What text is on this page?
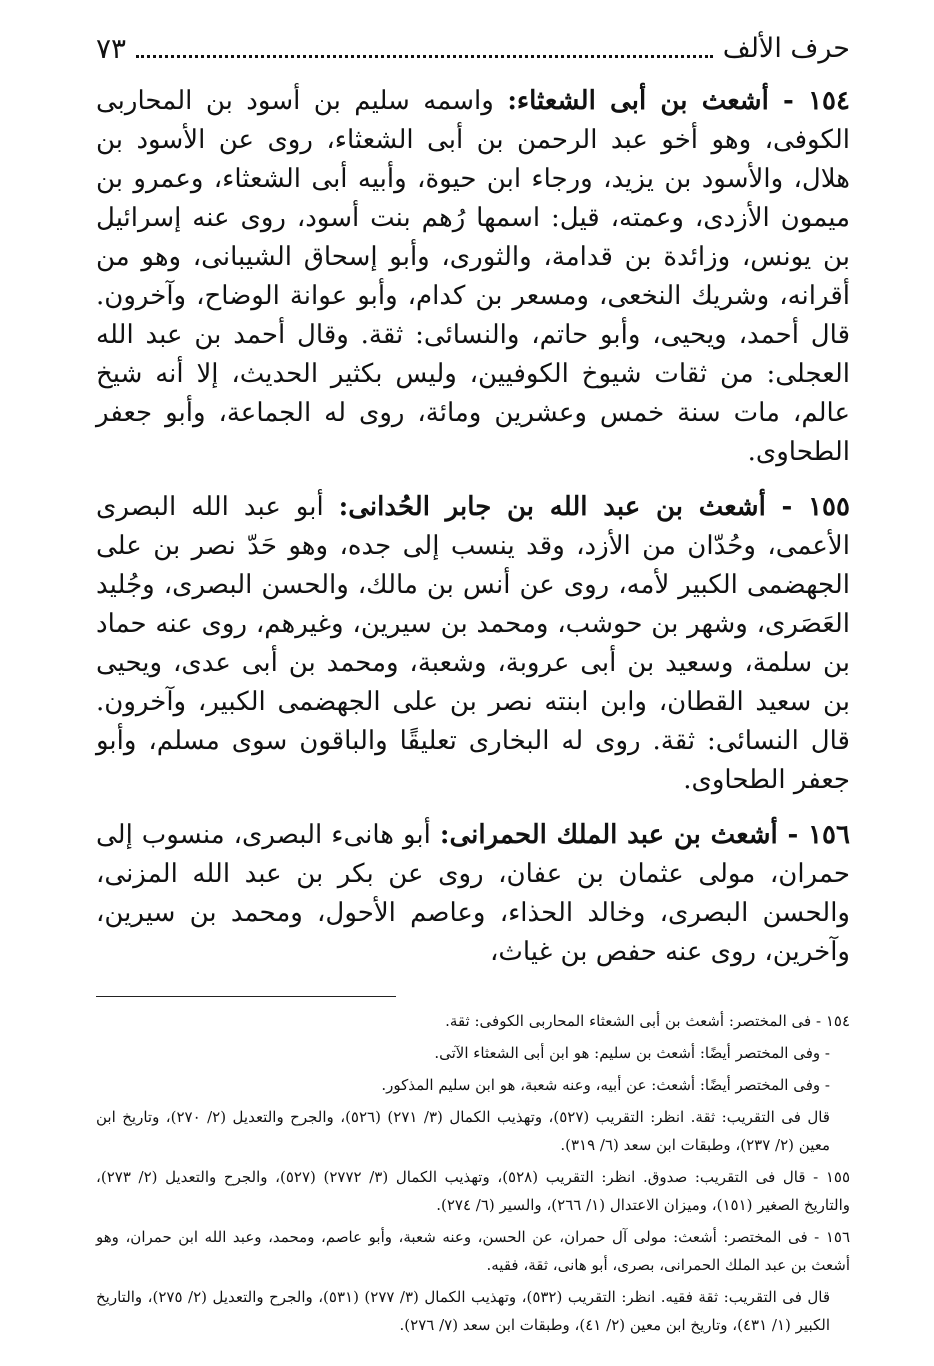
حرف الألف
٧٣

١٥٤ - أشعث بن أبى الشعثاء: واسمه سليم بن أسود بن المحاربى الكوفى، وهو أخو عبد الرحمن بن أبى الشعثاء، روى عن الأسود بن هلال، والأسود بن يزيد، ورجاء ابن حيوة، وأبيه أبى الشعثاء، وعمرو بن ميمون الأزدى، وعمته، قيل: اسمها رُهم بنت أسود، روى عنه إسرائيل بن يونس، وزائدة بن قدامة، والثورى، وأبو إسحاق الشيبانى، وهو من أقرانه، وشريك النخعى، ومسعر بن كدام، وأبو عوانة الوضاح، وآخرون. قال أحمد، ويحيى، وأبو حاتم، والنسائى: ثقة. وقال أحمد بن عبد الله العجلى: من ثقات شيوخ الكوفيين، وليس بكثير الحديث، إلا أنه شيخ عالم، مات سنة خمس وعشرين ومائة، روى له الجماعة، وأبو جعفر الطحاوى.

١٥٥ - أشعث بن عبد الله بن جابر الحُدانى: أبو عبد الله البصرى الأعمى، وحُدّان من الأزد، وقد ينسب إلى جده، وهو حَدّ نصر بن على الجهضمى الكبير لأمه، روى عن أنس بن مالك، والحسن البصرى، وجُليد العَصَرى، وشهر بن حوشب، ومحمد بن سيرين، وغيرهم، روى عنه حماد بن سلمة، وسعيد بن أبى عروبة، وشعبة، ومحمد بن أبى عدى، ويحيى بن سعيد القطان، وابن ابنته نصر بن على الجهضمى الكبير، وآخرون. قال النسائى: ثقة. روى له البخارى تعليقًا والباقون سوى مسلم، وأبو جعفر الطحاوى.

١٥٦ - أشعث بن عبد الملك الحمرانى: أبو هانىء البصرى، منسوب إلى حمران، مولى عثمان بن عفان، روى عن بكر بن عبد الله المزنى، والحسن البصرى، وخالد الحذاء، وعاصم الأحول، ومحمد بن سيرين، وآخرين، روى عنه حفص بن غياث،

١٥٤ - فى المختصر: أشعث بن أبى الشعثاء المحاربى الكوفى: ثقة.

- وفى المختصر أيضًا: أشعث بن سليم: هو ابن أبى الشعثاء الآتى.

- وفى المختصر أيضًا: أشعث: عن أبيه، وعنه شعبة، هو ابن سليم المذكور.

قال فى التقريب: ثقة. انظر: التقريب (٥٢٧)، وتهذيب الكمال (٣/ ٢٧١) (٥٢٦)، والجرح والتعديل (٢/ ٢٧٠)، وتاريخ ابن معين (٢/ ٢٣٧)، وطبقات ابن سعد (٦/ ٣١٩).

١٥٥ - قال فى التقريب: صدوق. انظر: التقريب (٥٢٨)، وتهذيب الكمال (٣/ ٢٧٧٢) (٥٢٧)، والجرح والتعديل (٢/ ٢٧٣)، والتاريخ الصغير (١٥١)، وميزان الاعتدال (١/ ٢٦٦)، والسير (٦/ ٢٧٤).

١٥٦ - فى المختصر: أشعث: مولى آل حمران، عن الحسن، وعنه شعبة، وأبو عاصم، ومحمد، وعبد الله ابن حمران، وهو أشعث بن عبد الملك الحمرانى، بصرى، أبو هانى، ثقة، فقيه.

قال فى التقريب: ثقة فقيه. انظر: التقريب (٥٣٢)، وتهذيب الكمال (٣/ ٢٧٧) (٥٣١)، والجرح والتعديل (٢/ ٢٧٥)، والتاريخ الكبير (١/ ٤٣١)، وتاريخ ابن معين (٢/ ٤١)، وطبقات ابن سعد (٧/ ٢٧٦).
